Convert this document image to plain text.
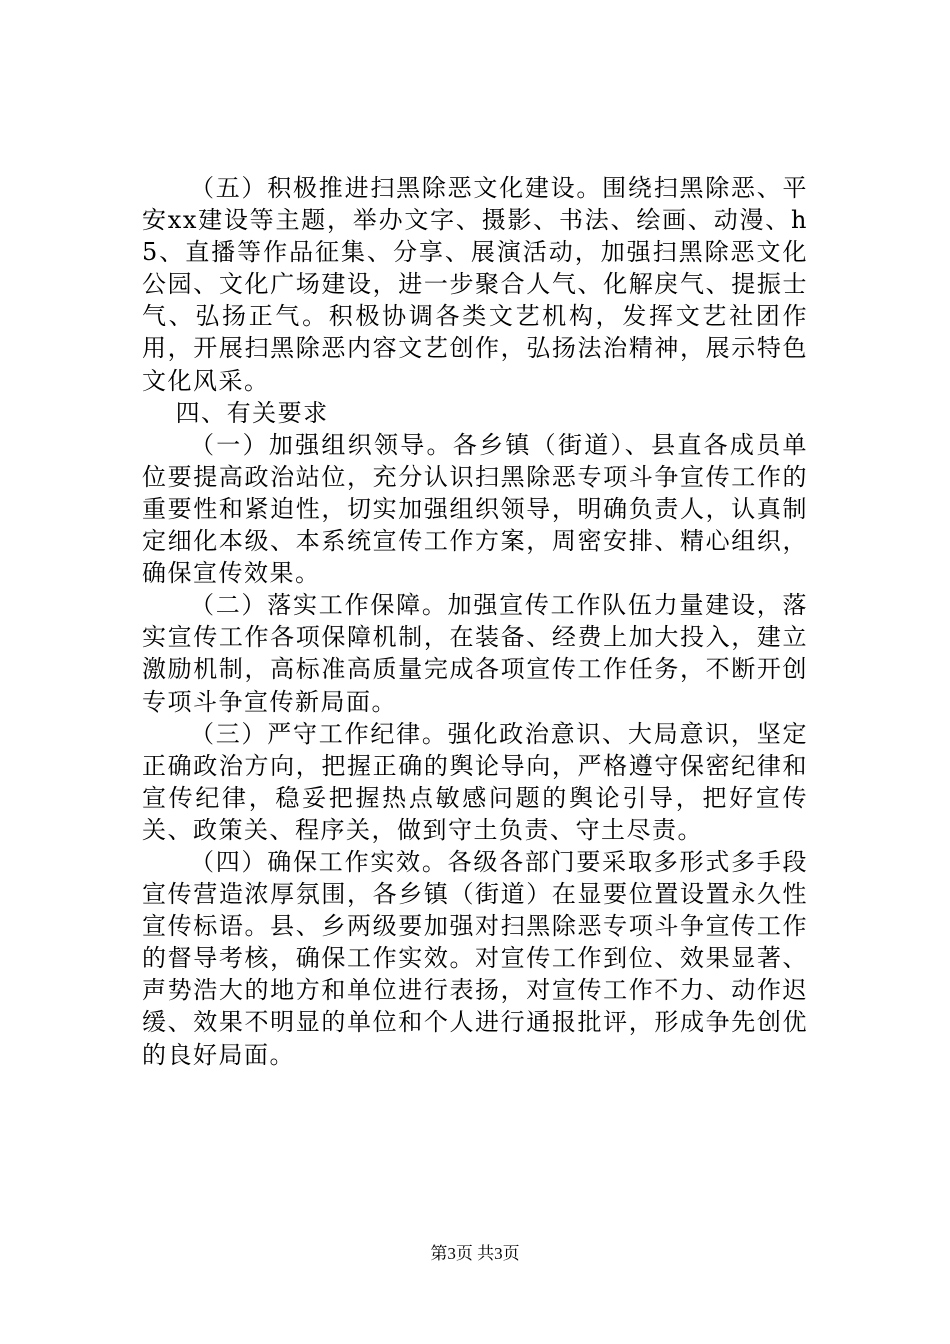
（五）积极推进扫黑除恶文化建设。围绕扫黑除恶、平安xx建设等主题，举办文字、摄影、书法、绘画、动漫、h5、直播等作品征集、分享、展演活动，加强扫黑除恶文化公园、文化广场建设，进一步聚合人气、化解戾气、提振士气、弘扬正气。积极协调各类文艺机构，发挥文艺社团作用，开展扫黑除恶内容文艺创作，弘扬法治精神，展示特色文化风采。

四、有关要求

（一）加强组织领导。各乡镇（街道）、县直各成员单位要提高政治站位，充分认识扫黑除恶专项斗争宣传工作的重要性和紧迫性，切实加强组织领导，明确负责人，认真制定细化本级、本系统宣传工作方案，周密安排、精心组织，确保宣传效果。

（二）落实工作保障。加强宣传工作队伍力量建设，落实宣传工作各项保障机制，在装备、经费上加大投入，建立激励机制，高标准高质量完成各项宣传工作任务，不断开创专项斗争宣传新局面。

（三）严守工作纪律。强化政治意识、大局意识，坚定正确政治方向，把握正确的舆论导向，严格遵守保密纪律和宣传纪律，稳妥把握热点敏感问题的舆论引导，把好宣传关、政策关、程序关，做到守土负责、守土尽责。

（四）确保工作实效。各级各部门要采取多形式多手段宣传营造浓厚氛围，各乡镇（街道）在显要位置设置永久性宣传标语。县、乡两级要加强对扫黑除恶专项斗争宣传工作的督导考核，确保工作实效。对宣传工作到位、效果显著、声势浩大的地方和单位进行表扬，对宣传工作不力、动作迟缓、效果不明显的单位和个人进行通报批评，形成争先创优的良好局面。

第3页 共3页
